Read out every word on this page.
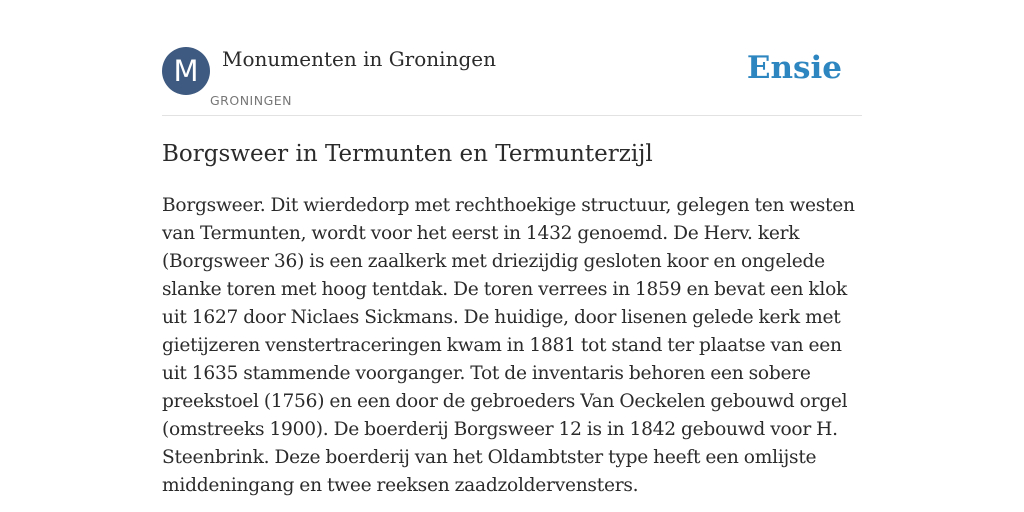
M Monumenten in Groningen
GRONINGEN
Ensie
Borgsweer in Termunten en Termunterzijl

Borgsweer. Dit wierdedorp met rechthoekige structuur, gelegen ten westen van Termunten, wordt voor het eerst in 1432 genoemd. De Herv. kerk (Borgsweer 36) is een zaalkerk met driezijdig gesloten koor en ongelede slanke toren met hoog tentdak. De toren verrees in 1859 en bevat een klok uit 1627 door Niclaes Sickmans. De huidige, door lisenen gelede kerk met gietijzeren venstertraceringen kwam in 1881 tot stand ter plaatse van een uit 1635 stammende voorganger. Tot de inventaris behoren een sobere preekstoel (1756) en een door de gebroeders Van Oeckelen gebouwd orgel (omstreeks 1900). De boerderij Borgsweer 12 is in 1842 gebouwd voor H. Steenbrink. Deze boerderij van het Oldambtster type heeft een omlijste middeningang en twee reeksen zaadzoldervensters.
